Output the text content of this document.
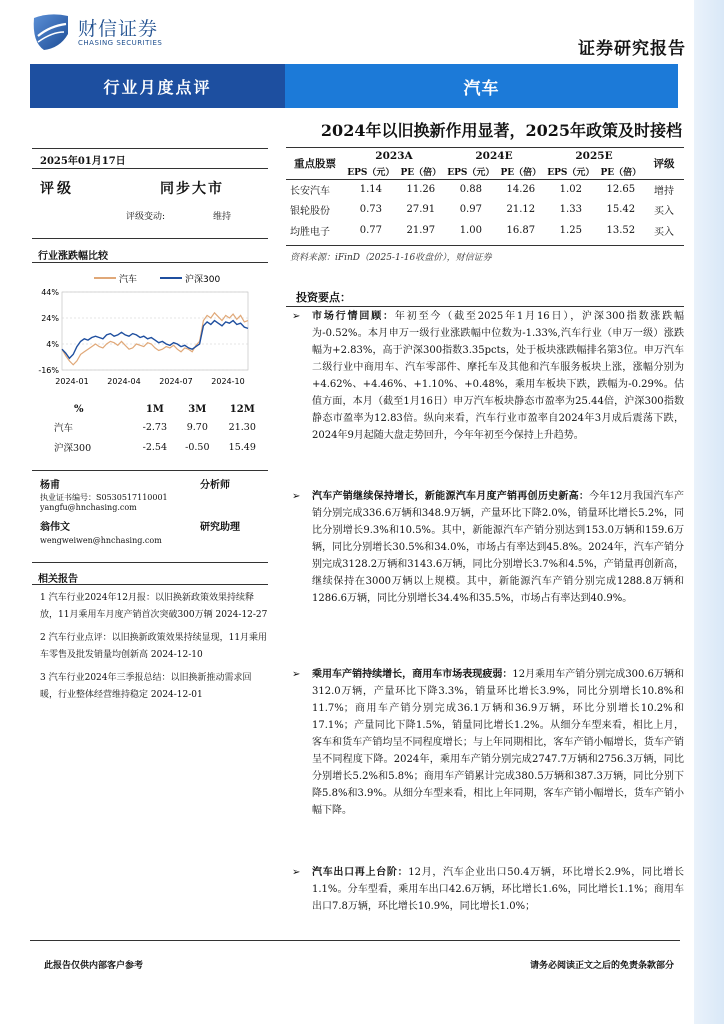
财信证券
CHASING SECURITIES	证券研究报告
行业月度点评	汽车
2024年以旧换新作用显著，2025年政策及时接档
2025年01月17日
评级	同步大市
评级变动:	维持
行业涨跌幅比较
汽车	沪深300
44%
24%
4%
-16%
2024-01 2024-04 2024-07 2024-10
%	1M	3M	12M
汽车	-2.73	9.70	21.30
沪深300	-2.54	-0.50	15.49
杨甫	分析师
执业证书编号：S0530517110001
yangfu@hnchasing.com
翁伟文	研究助理
wengweiwen@hnchasing.com
相关报告
1 汽车行业2024年12月报：以旧换新政策效果持续释放，11月乘用车月度产销首次突破300万辆 2024-12-27
2 汽车行业点评：以旧换新政策效果持续显现，11月乘用车零售及批发销量均创新高 2024-12-10
3 汽车行业2024年三季报总结：以旧换新推动需求回暖，行业整体经营维持稳定 2024-12-01
重点股票	2023A		2024E		2025E		评级
	EPS（元）	PE（倍）	EPS（元）	PE（倍）	EPS（元）	PE（倍）	
长安汽车	1.14	11.26	0.88	14.26	1.02	12.65	增持
银轮股份	0.73	27.91	0.97	21.12	1.33	15.42	买入
均胜电子	0.77	21.97	1.00	16.87	1.25	13.52	买入
资料来源：iFinD（2025-1-16收盘价），财信证券
投资要点：
➢ 市场行情回顾：年初至今（截至2025年1月16日），沪深300指数涨跌幅为-0.52%。本月申万一级行业涨跌幅中位数为-1.33%,汽车行业（申万一级）涨跌幅为+2.83%，高于沪深300指数3.35pcts，处于板块涨跌幅排名第3位。申万汽车二级行业中商用车、汽车零部件、摩托车及其他和汽车服务板块上涨，涨幅分别为+4.62%、+4.46%、+1.10%、+0.48%，乘用车板块下跌，跌幅为-0.29%。估值方面，本月（截至1月16日）申万汽车板块静态市盈率为25.44倍，沪深300指数静态市盈率为12.83倍。纵向来看，汽车行业市盈率自2024年3月成后震荡下跌，2024年9月起随大盘走势回升，今年年初至今保持上升趋势。
➢ 汽车产销继续保持增长，新能源汽车月度产销再创历史新高：今年12月我国汽车产销分别完成336.6万辆和348.9万辆，产量环比下降2.0%，销量环比增长5.2%，同比分别增长9.3%和10.5%。其中，新能源汽车产销分别达到153.0万辆和159.6万辆，同比分别增长30.5%和34.0%，市场占有率达到45.8%。2024年，汽车产销分别完成3128.2万辆和3143.6万辆，同比分别增长3.7%和4.5%，产销量再创新高，继续保持在3000万辆以上规模。其中，新能源汽车产销分别完成1288.8万辆和1286.6万辆，同比分别增长34.4%和35.5%，市场占有率达到40.9%。
➢ 乘用车产销持续增长，商用车市场表现疲弱：12月乘用车产销分别完成300.6万辆和312.0万辆，产量环比下降3.3%，销量环比增长3.9%，同比分别增长10.8%和11.7%；商用车产销分别完成36.1万辆和36.9万辆，环比分别增长10.2%和17.1%；产量同比下降1.5%，销量同比增长1.2%。从细分车型来看，相比上月，客车和货车产销均呈不同程度增长；与上年同期相比，客车产销小幅增长，货车产销呈不同程度下降。2024年，乘用车产销分别完成2747.7万辆和2756.3万辆，同比分别增长5.2%和5.8%；商用车产销累计完成380.5万辆和387.3万辆，同比分别下降5.8%和3.9%。从细分车型来看，相比上年同期，客车产销小幅增长，货车产销小幅下降。
➢ 汽车出口再上台阶：12月，汽车企业出口50.4万辆，环比增长2.9%，同比增长1.1%。分车型看，乘用车出口42.6万辆，环比增长1.6%，同比增长1.1%；商用车出口7.8万辆，环比增长10.9%，同比增长1.0%；
此报告仅供内部客户参考	请务必阅读正文之后的免责条款部分
